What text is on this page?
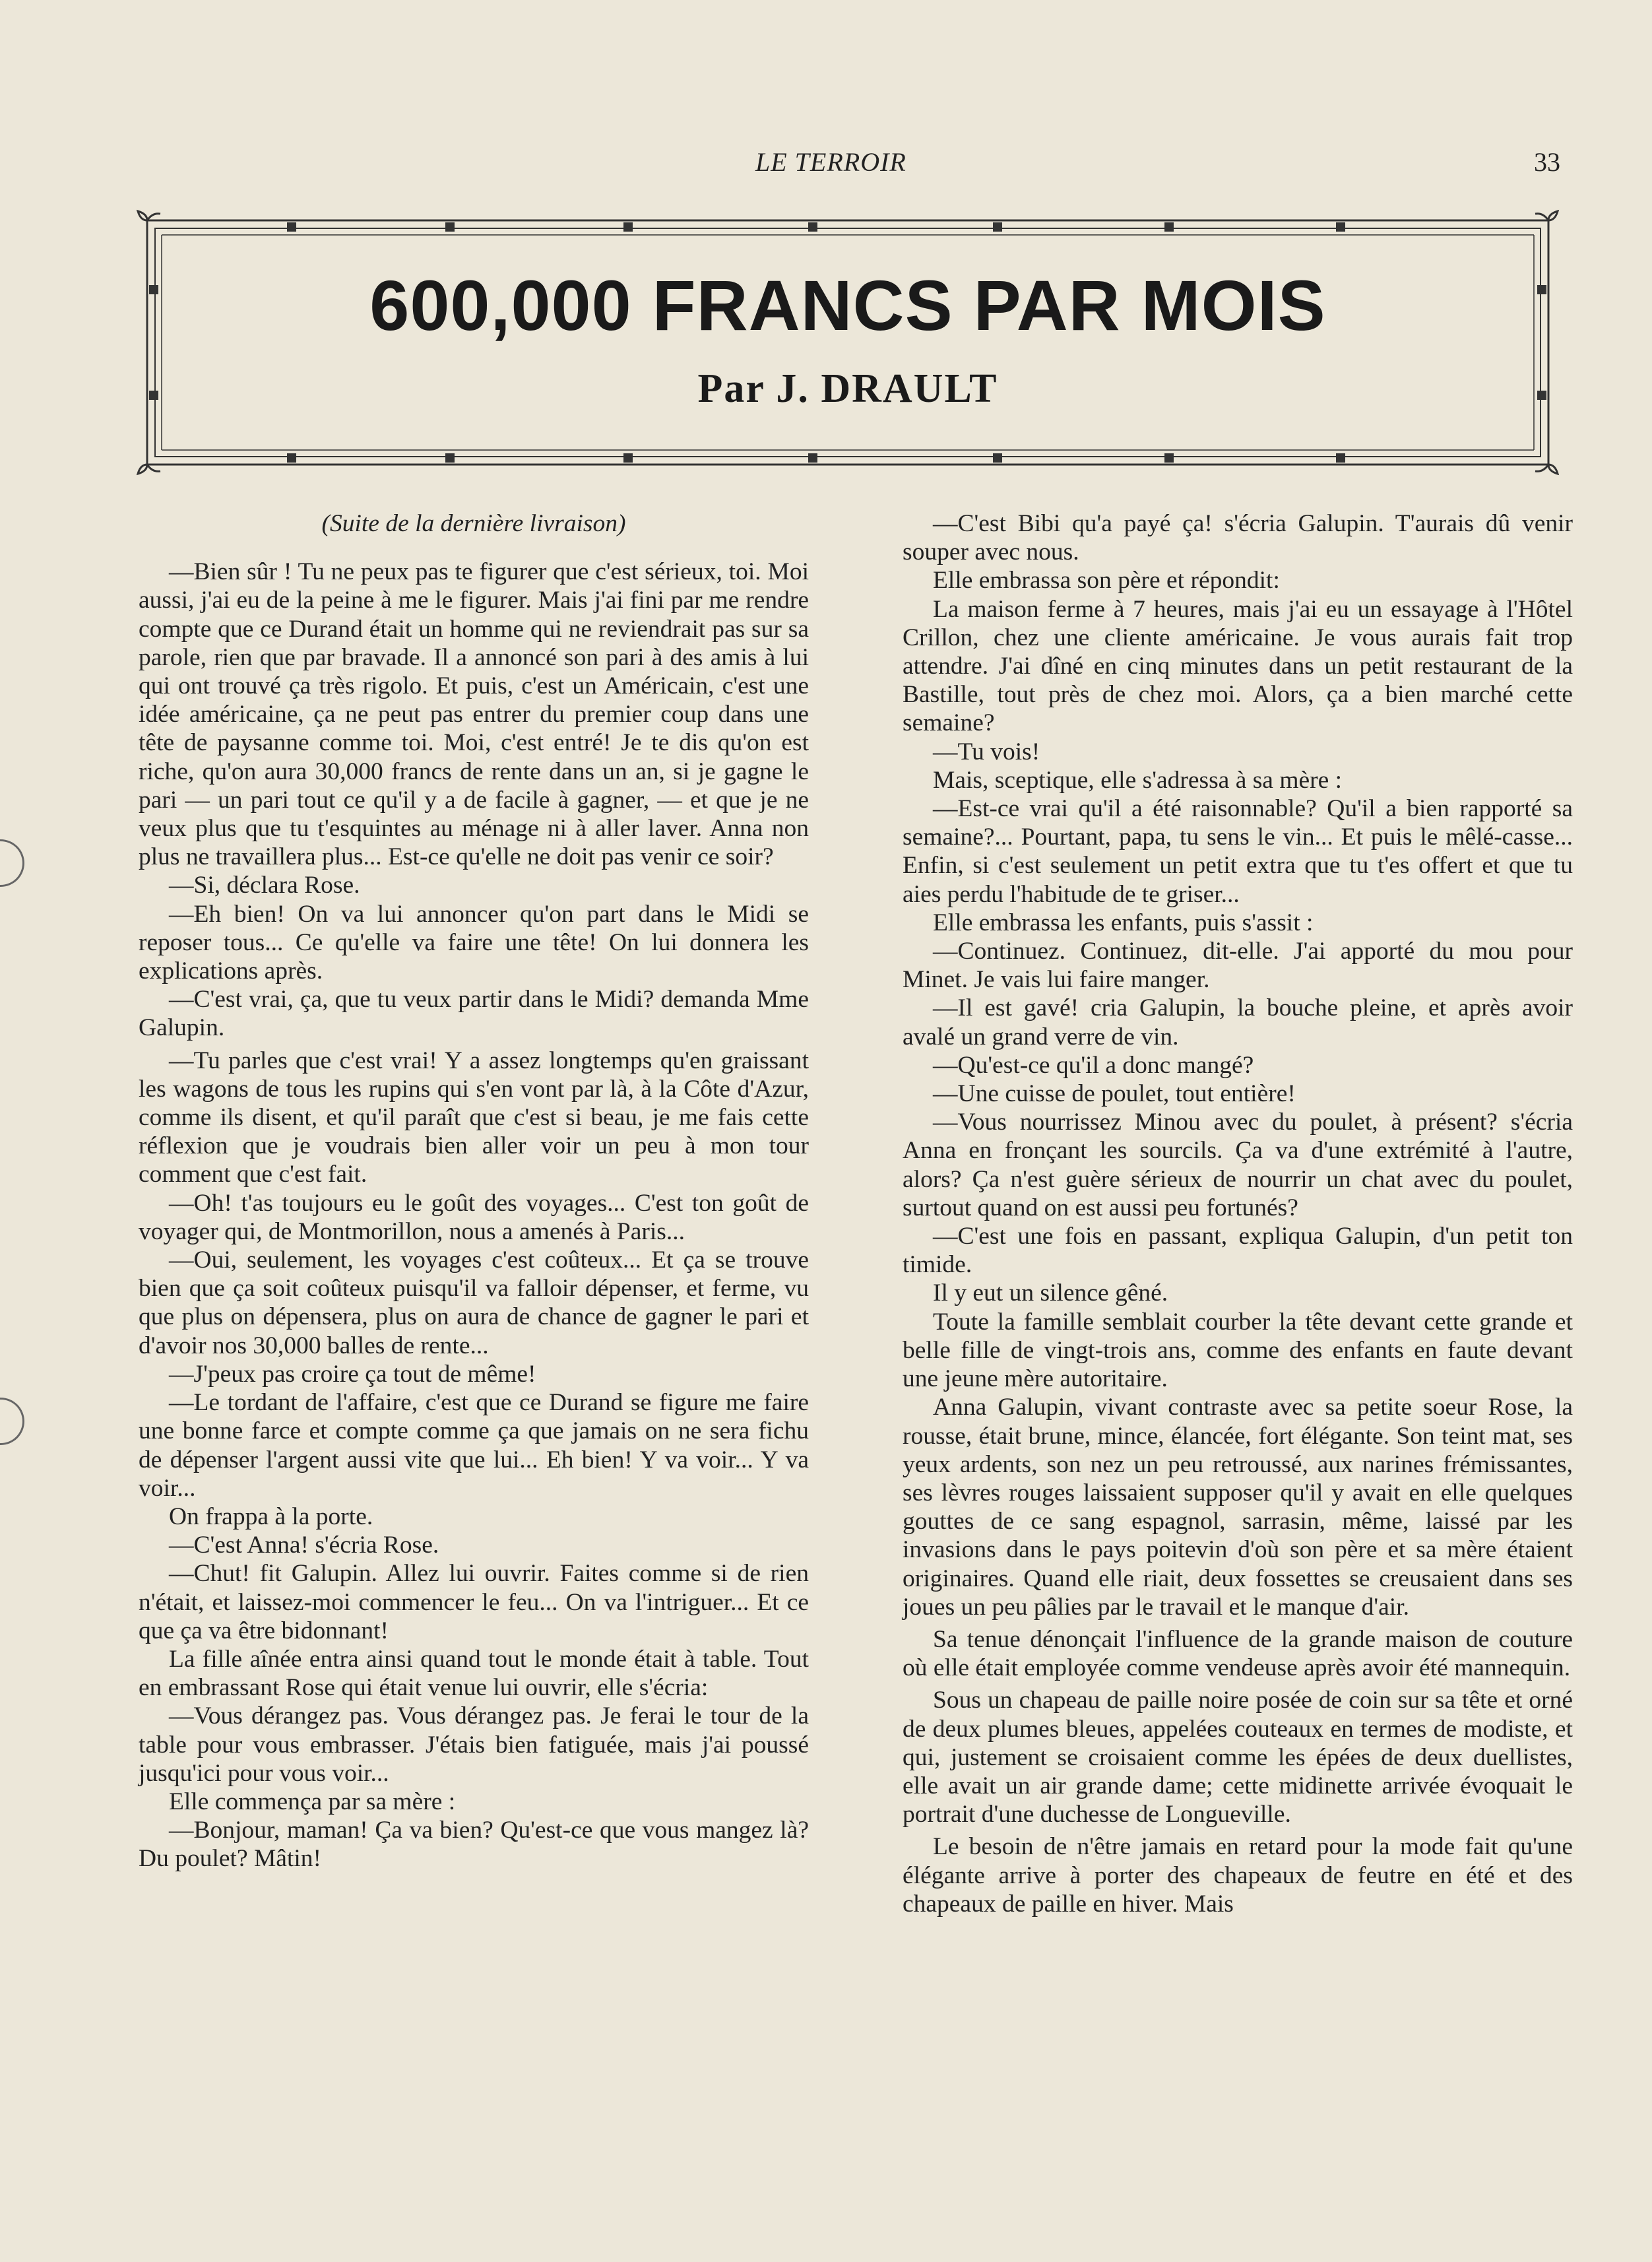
LE TERROIR	33
600,000 FRANCS PAR MOIS
Par J. DRAULT

(Suite de la dernière livraison)

—Bien sûr ! Tu ne peux pas te figurer que c'est sérieux, toi. Moi aussi, j'ai eu de la peine à me le figurer. Mais j'ai fini par me rendre compte que ce Durand était un homme qui ne reviendrait pas sur sa parole, rien que par bravade. Il a annoncé son pari à des amis à lui qui ont trouvé ça très rigolo. Et puis, c'est un Américain, c'est une idée américaine, ça ne peut pas entrer du premier coup dans une tête de paysanne comme toi. Moi, c'est entré! Je te dis qu'on est riche, qu'on aura 30,000 francs de rente dans un an, si je gagne le pari — un pari tout ce qu'il y a de facile à gagner, — et que je ne veux plus que tu t'esquintes au ménage ni à aller laver. Anna non plus ne travaillera plus... Est-ce qu'elle ne doit pas venir ce soir?

—Si, déclara Rose.

—Eh bien! On va lui annoncer qu'on part dans le Midi se reposer tous... Ce qu'elle va faire une tête! On lui donnera les explications après.

—C'est vrai, ça, que tu veux partir dans le Midi? demanda Mme Galupin.

—Tu parles que c'est vrai! Y a assez longtemps qu'en graissant les wagons de tous les rupins qui s'en vont par là, à la Côte d'Azur, comme ils disent, et qu'il paraît que c'est si beau, je me fais cette réflexion que je voudrais bien aller voir un peu à mon tour comment que c'est fait.

—Oh! t'as toujours eu le goût des voyages... C'est ton goût de voyager qui, de Montmorillon, nous a amenés à Paris...

—Oui, seulement, les voyages c'est coûteux... Et ça se trouve bien que ça soit coûteux puisqu'il va falloir dépenser, et ferme, vu que plus on dépensera, plus on aura de chance de gagner le pari et d'avoir nos 30,000 balles de rente...

—J'peux pas croire ça tout de même!

—Le tordant de l'affaire, c'est que ce Durand se figure me faire une bonne farce et compte comme ça que jamais on ne sera fichu de dépenser l'argent aussi vite que lui... Eh bien! Y va voir... Y va voir...

On frappa à la porte.

—C'est Anna! s'écria Rose.

—Chut! fit Galupin. Allez lui ouvrir. Faites comme si de rien n'était, et laissez-moi commencer le feu... On va l'intriguer... Et ce que ça va être bidonnant!

La fille aînée entra ainsi quand tout le monde était à table. Tout en embrassant Rose qui était venue lui ouvrir, elle s'écria:

—Vous dérangez pas. Vous dérangez pas. Je ferai le tour de la table pour vous embrasser. J'étais bien fatiguée, mais j'ai poussé jusqu'ici pour vous voir...

Elle commença par sa mère :

—Bonjour, maman! Ça va bien? Qu'est-ce que vous mangez là? Du poulet? Mâtin!

—C'est Bibi qu'a payé ça! s'écria Galupin. T'aurais dû venir souper avec nous.

Elle embrassa son père et répondit:

La maison ferme à 7 heures, mais j'ai eu un essayage à l'Hôtel Crillon, chez une cliente américaine. Je vous aurais fait trop attendre. J'ai dîné en cinq minutes dans un petit restaurant de la Bastille, tout près de chez moi. Alors, ça a bien marché cette semaine?

—Tu vois!

Mais, sceptique, elle s'adressa à sa mère :

—Est-ce vrai qu'il a été raisonnable? Qu'il a bien rapporté sa semaine?... Pourtant, papa, tu sens le vin... Et puis le mêlé-casse... Enfin, si c'est seulement un petit extra que tu t'es offert et que tu aies perdu l'habitude de te griser...

Elle embrassa les enfants, puis s'assit :

—Continuez. Continuez, dit-elle. J'ai apporté du mou pour Minet. Je vais lui faire manger.

—Il est gavé! cria Galupin, la bouche pleine, et après avoir avalé un grand verre de vin.

—Qu'est-ce qu'il a donc mangé?

—Une cuisse de poulet, tout entière!

—Vous nourrissez Minou avec du poulet, à présent? s'écria Anna en fronçant les sourcils. Ça va d'une extrémité à l'autre, alors? Ça n'est guère sérieux de nourrir un chat avec du poulet, surtout quand on est aussi peu fortunés?

—C'est une fois en passant, expliqua Galupin, d'un petit ton timide.

Il y eut un silence gêné.

Toute la famille semblait courber la tête devant cette grande et belle fille de vingt-trois ans, comme des enfants en faute devant une jeune mère autoritaire.

Anna Galupin, vivant contraste avec sa petite soeur Rose, la rousse, était brune, mince, élancée, fort élégante. Son teint mat, ses yeux ardents, son nez un peu retroussé, aux narines frémissantes, ses lèvres rouges laissaient supposer qu'il y avait en elle quelques gouttes de ce sang espagnol, sarrasin, même, laissé par les invasions dans le pays poitevin d'où son père et sa mère étaient originaires. Quand elle riait, deux fossettes se creusaient dans ses joues un peu pâlies par le travail et le manque d'air.

Sa tenue dénonçait l'influence de la grande maison de couture où elle était employée comme vendeuse après avoir été mannequin.

Sous un chapeau de paille noire posée de coin sur sa tête et orné de deux plumes bleues, appelées couteaux en termes de modiste, et qui, justement se croisaient comme les épées de deux duellistes, elle avait un air grande dame; cette midinette arrivée évoquait le portrait d'une duchesse de Longueville.

Le besoin de n'être jamais en retard pour la mode fait qu'une élégante arrive à porter des chapeaux de feutre en été et des chapeaux de paille en hiver. Mais
